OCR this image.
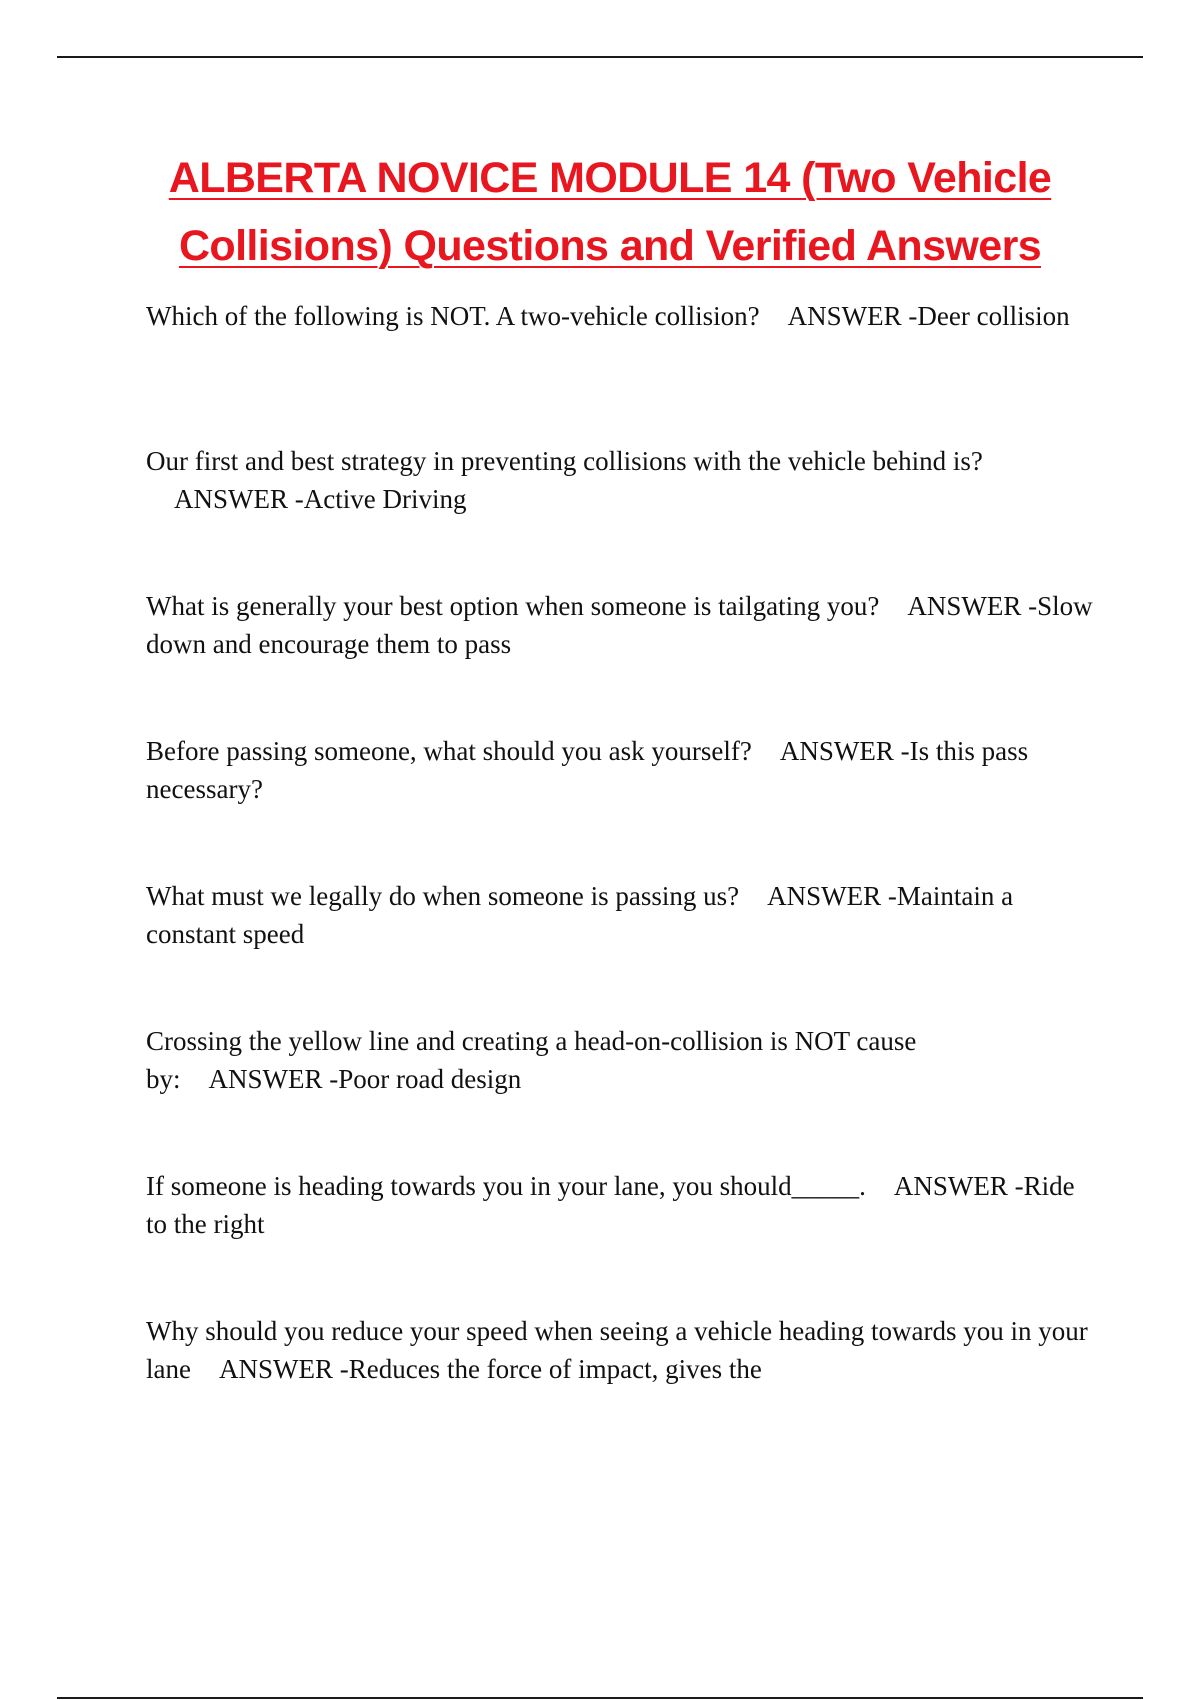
ALBERTA NOVICE MODULE 14 (Two Vehicle Collisions) Questions and Verified Answers
Which of the following is NOT. A two-vehicle collision? ANSWER -Deer collision
Our first and best strategy in preventing collisions with the vehicle behind is?ANSWER -Active Driving
What is generally your best option when someone is tailgating you? ANSWER -Slow down and encourage them to pass
Before passing someone, what should you ask yourself? ANSWER -Is this pass necessary?
What must we legally do when someone is passing us? ANSWER -Maintain a constant speed
Crossing the yellow line and creating a head-on-collision is NOT cause by: ANSWER -Poor road design
If someone is heading towards you in your lane, you should_____. ANSWER -Ride to the right
Why should you reduce your speed when seeing a vehicle heading towards you in your lane ANSWER -Reduces the force of impact, gives the
